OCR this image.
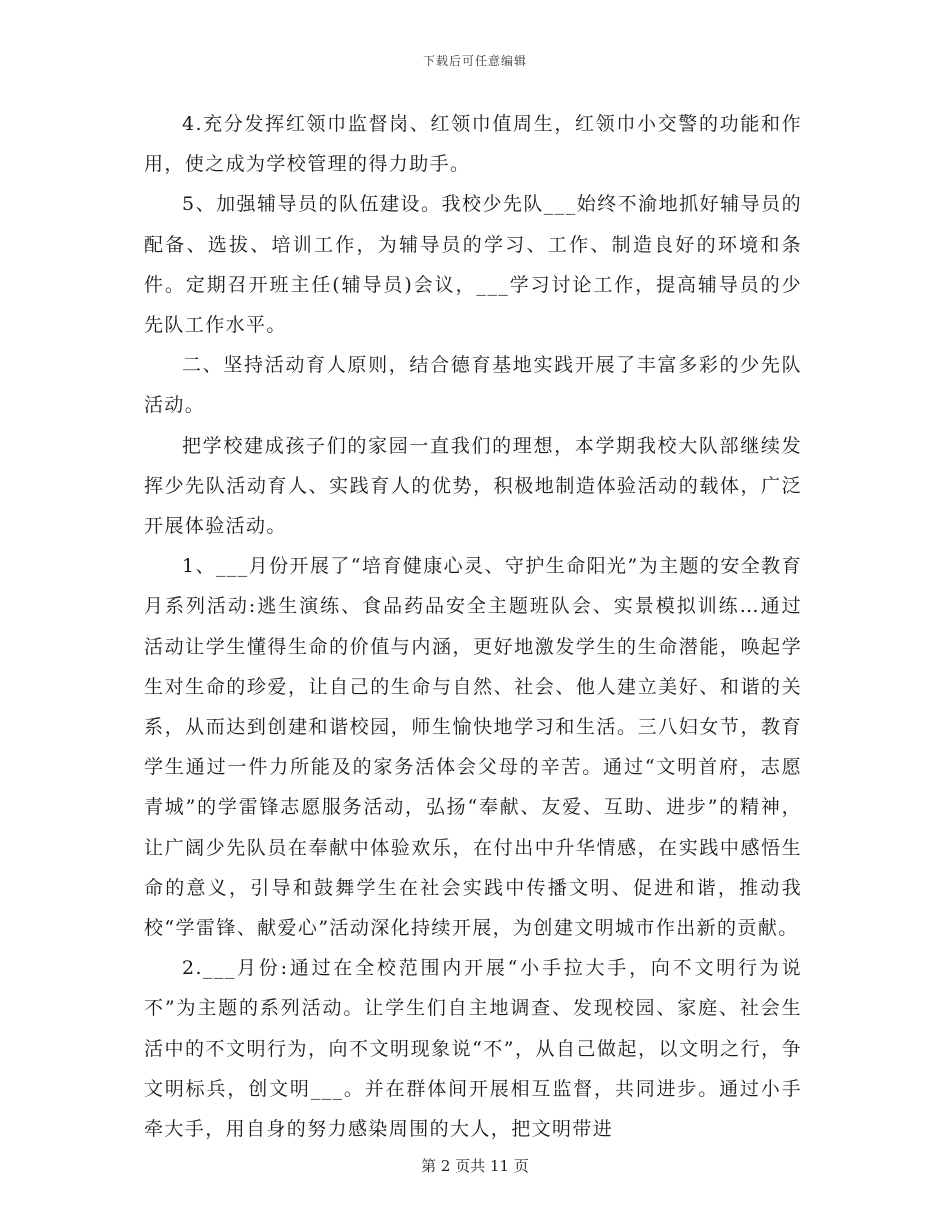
下载后可任意编辑

4.充分发挥红领巾监督岗、红领巾值周生，红领巾小交警的功能和作用，使之成为学校管理的得力助手。

5、加强辅导员的队伍建设。我校少先队___始终不渝地抓好辅导员的配备、选拔、培训工作，为辅导员的学习、工作、制造良好的环境和条件。定期召开班主任(辅导员)会议，___学习讨论工作，提高辅导员的少先队工作水平。

二、坚持活动育人原则，结合德育基地实践开展了丰富多彩的少先队活动。

把学校建成孩子们的家园一直我们的理想，本学期我校大队部继续发挥少先队活动育人、实践育人的优势，积极地制造体验活动的载体，广泛开展体验活动。

1、___月份开展了“培育健康心灵、守护生命阳光”为主题的安全教育月系列活动:逃生演练、食品药品安全主题班队会、实景模拟训练…通过活动让学生懂得生命的价值与内涵，更好地激发学生的生命潜能，唤起学生对生命的珍爱，让自己的生命与自然、社会、他人建立美好、和谐的关系，从而达到创建和谐校园，师生愉快地学习和生活。三八妇女节，教育学生通过一件力所能及的家务活体会父母的辛苦。通过“文明首府，志愿青城”的学雷锋志愿服务活动，弘扬“奉献、友爱、互助、进步”的精神，让广阔少先队员在奉献中体验欢乐，在付出中升华情感，在实践中感悟生命的意义，引导和鼓舞学生在社会实践中传播文明、促进和谐，推动我校“学雷锋、献爱心”活动深化持续开展，为创建文明城市作出新的贡献。

2.___月份:通过在全校范围内开展“小手拉大手，向不文明行为说不”为主题的系列活动。让学生们自主地调查、发现校园、家庭、社会生活中的不文明行为，向不文明现象说“不”，从自己做起，以文明之行，争文明标兵，创文明___。并在群体间开展相互监督，共同进步。通过小手牵大手，用自身的努力感染周围的大人，把文明带进

第 2 页共 11 页
